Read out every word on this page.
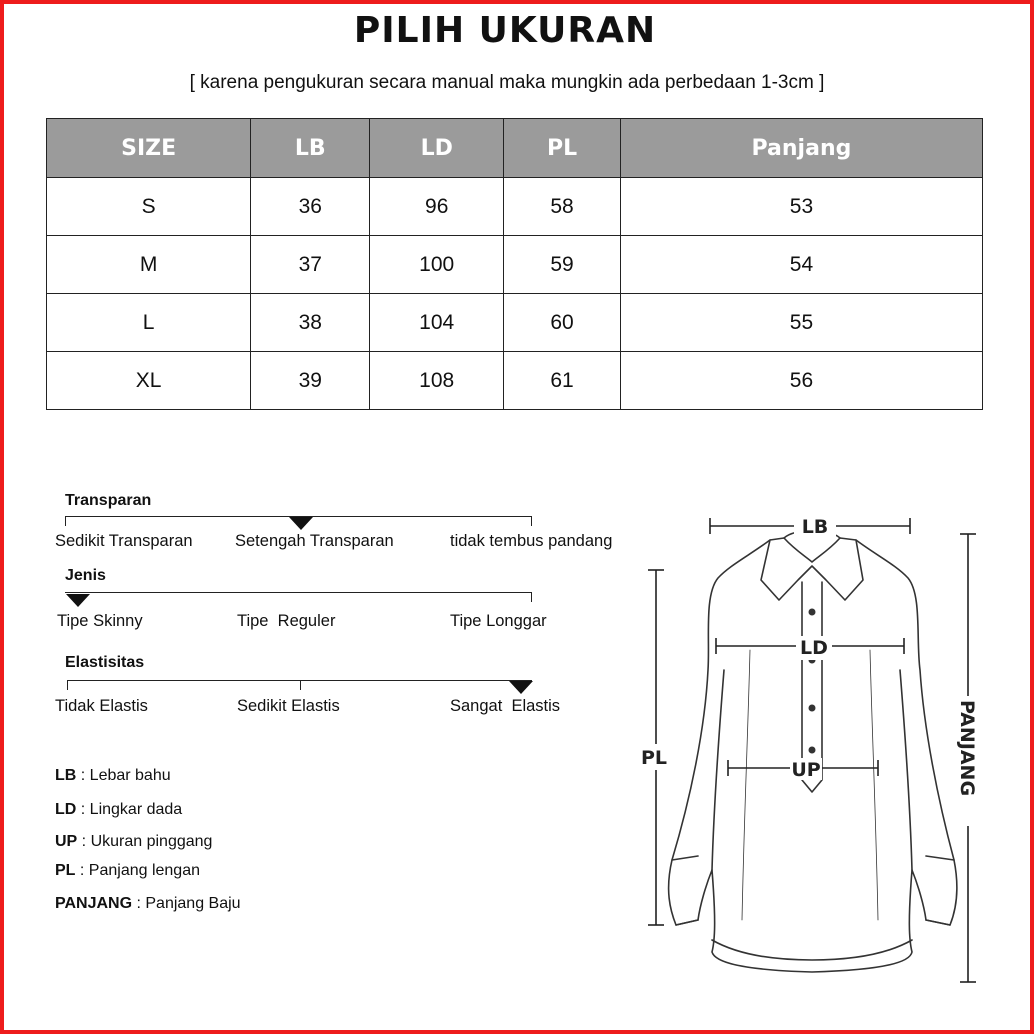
PILIH UKURAN
[ karena pengukuran secara manual maka mungkin ada perbedaan 1-3cm ]
SIZE	LB	LD	PL	Panjang
S	36	96	58	53
M	37	100	59	54
L	38	104	60	55
XL	39	108	61	56
Transparan
Sedikit Transparan	Setengah Transparan	tidak tembus pandang
Jenis
Tipe Skinny	Tipe  Reguler	Tipe Longgar
Elastisitas
Tidak Elastis	Sedikit Elastis	Sangat  Elastis
LB : Lebar bahu
LD : Lingkar dada
UP : Ukuran pinggang
PL : Panjang lengan
PANJANG : Panjang Baju
LB
LD
UP
PL	PANJANG
